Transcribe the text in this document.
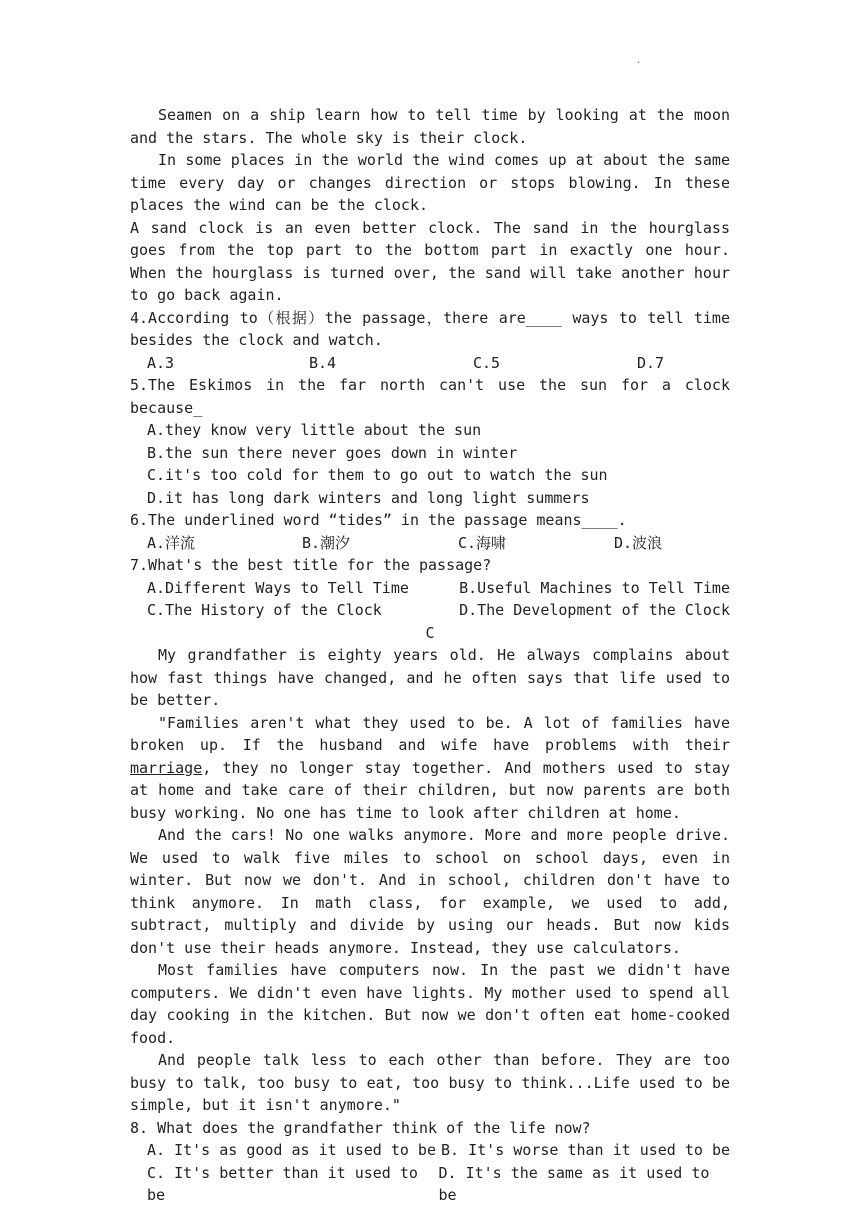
.

Seamen on a ship learn how to tell time by looking at the moon and the stars. The whole sky is their clock.

In some places in the world the wind comes up at about the same time every day or changes direction or stops blowing. In these places the wind can be the clock.

A sand clock is an even better clock. The sand in the hourglass goes from the top part to the bottom part in exactly one hour. When the hourglass is turned over, the sand will take another hour to go back again.

4.According to（根据）the passage，there are____ ways to tell time besides the clock and watch.

A.3	B.4	C.5	D.7

5.The Eskimos in the far north can't use the sun for a clock because_

A.they know very little about the sun

B.the sun there never goes down in winter

C.it's too cold for them to go out to watch the sun

D.it has long dark winters and long light summers

6.The underlined word “tides” in the passage means____.

A.洋流	B.潮汐	C.海啸	D.波浪

7.What's the best title for the passage?

A.Different Ways to Tell Time	B.Useful Machines to Tell Time
C.The History of the Clock	D.The Development of the Clock

C

My grandfather is eighty years old. He always complains about how fast things have changed, and he often says that life used to be better.

"Families aren't what they used to be. A lot of families have broken up. If the husband and wife have problems with their marriage, they no longer stay together. And mothers used to stay at home and take care of their children, but now parents are both busy working. No one has time to look after children at home.

And the cars! No one walks anymore. More and more people drive. We used to walk five miles to school on school days, even in winter. But now we don't. And in school, children don't have to think anymore. In math class, for example, we used to add, subtract, multiply and divide by using our heads. But now kids don't use their heads anymore. Instead, they use calculators.

Most families have computers now. In the past we didn't have computers. We didn't even have lights. My mother used to spend all day cooking in the kitchen. But now we don't often eat home-cooked food.

And people talk less to each other than before. They are too busy to talk, too busy to eat, too busy to think...Life used to be simple, but it isn't anymore."

8. What does the grandfather think of the life now?

A. It's as good as it used to be B. It's worse than it used to be
C. It's better than it used to be
D. It's the same as it used to be
